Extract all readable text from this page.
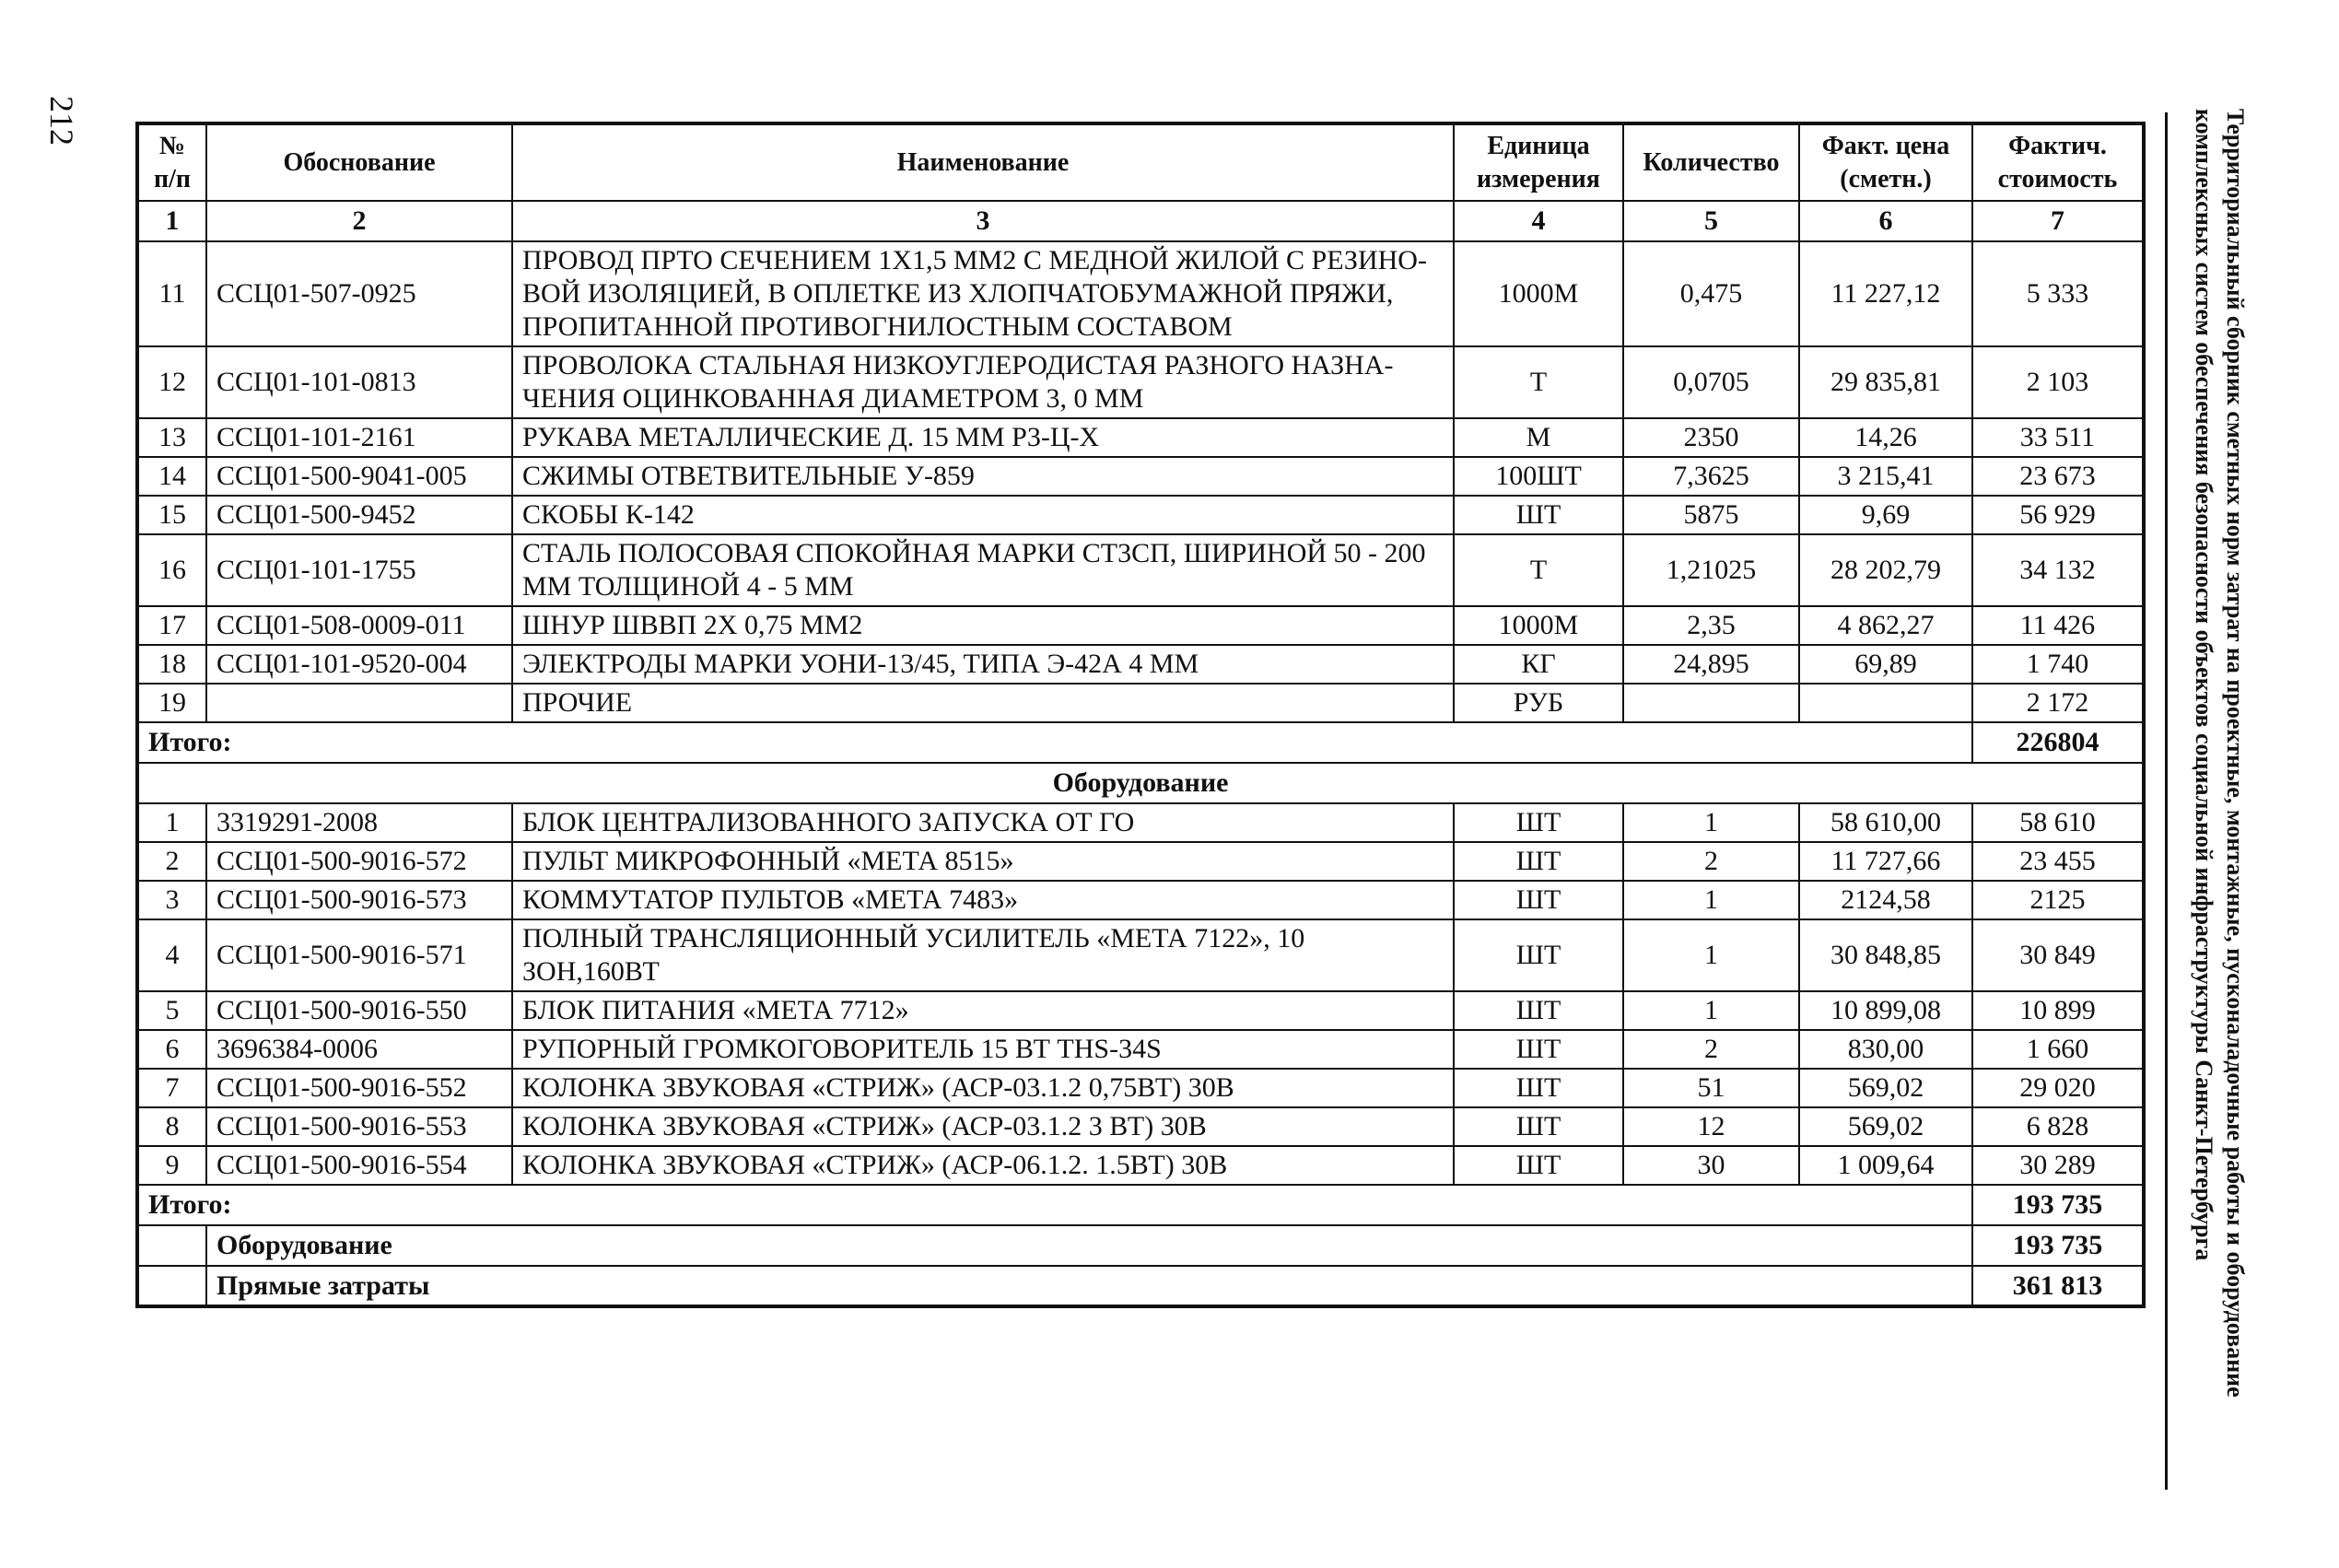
212	Территориальный сборник сметных норм затрат на проектные, монтажные, пусконаладочные работы и оборудование
комплексных систем обеспечения безопасности объектов социальной инфраструктуры Санкт-Петербурга
№ п/п	Обоснование	Наименование	Единица измерения	Количество	Факт. цена (сметн.)	Фактич. стоимость
1	2	3	4	5	6	7
11	ССЦ01-507-0925	ПРОВОД ПРТО СЕЧЕНИЕМ 1Х1,5 ММ2 С МЕДНОЙ ЖИЛОЙ С РЕЗИНО-ВОЙ ИЗОЛЯЦИЕЙ, В ОПЛЕТКЕ ИЗ ХЛОПЧАТОБУМАЖНОЙ ПРЯЖИ, ПРОПИТАННОЙ ПРОТИВОГНИЛОСТНЫМ СОСТАВОМ	1000М	0,475	11 227,12	5 333
12	ССЦ01-101-0813	ПРОВОЛОКА СТАЛЬНАЯ НИЗКОУГЛЕРОДИСТАЯ РАЗНОГО НАЗНА-ЧЕНИЯ ОЦИНКОВАННАЯ ДИАМЕТРОМ 3, 0 ММ	Т	0,0705	29 835,81	2 103
13	ССЦ01-101-2161	РУКАВА МЕТАЛЛИЧЕСКИЕ Д. 15 ММ Р3-Ц-Х	М	2350	14,26	33 511
14	ССЦ01-500-9041-005	СЖИМЫ ОТВЕТВИТЕЛЬНЫЕ У-859	100ШТ	7,3625	3 215,41	23 673
15	ССЦ01-500-9452	СКОБЫ К-142	ШТ	5875	9,69	56 929
16	ССЦ01-101-1755	СТАЛЬ ПОЛОСОВАЯ СПОКОЙНАЯ МАРКИ СТ3СП, ШИРИНОЙ 50 - 200 ММ ТОЛЩИНОЙ 4 - 5 ММ	Т	1,21025	28 202,79	34 132
17	ССЦ01-508-0009-011	ШНУР ШВВП 2Х 0,75 ММ2	1000М	2,35	4 862,27	11 426
18	ССЦ01-101-9520-004	ЭЛЕКТРОДЫ МАРКИ УОНИ-13/45, ТИПА Э-42А 4 ММ	КГ	24,895	69,89	1 740
19		ПРОЧИЕ	РУБ			2 172
Итого:						226804
Оборудование						
1	3319291-2008	БЛОК ЦЕНТРАЛИЗОВАННОГО ЗАПУСКА ОТ ГО	ШТ	1	58 610,00	58 610
2	ССЦ01-500-9016-572	ПУЛЬТ МИКРОФОННЫЙ «МЕТА 8515»	ШТ	2	11 727,66	23 455
3	ССЦ01-500-9016-573	КОММУТАТОР ПУЛЬТОВ «МЕТА 7483»	ШТ	1	2124,58	2125
4	ССЦ01-500-9016-571	ПОЛНЫЙ ТРАНСЛЯЦИОННЫЙ УСИЛИТЕЛЬ «МЕТА 7122», 10 ЗОН,160ВТ	ШТ	1	30 848,85	30 849
5	ССЦ01-500-9016-550	БЛОК ПИТАНИЯ «МЕТА 7712»	ШТ	1	10 899,08	10 899
6	3696384-0006	РУПОРНЫЙ ГРОМКОГОВОРИТЕЛЬ 15 ВТ THS-34S	ШТ	2	830,00	1 660
7	ССЦ01-500-9016-552	КОЛОНКА ЗВУКОВАЯ «СТРИЖ» (АСР-03.1.2 0,75ВТ) 30В	ШТ	51	569,02	29 020
8	ССЦ01-500-9016-553	КОЛОНКА ЗВУКОВАЯ «СТРИЖ» (АСР-03.1.2 3 ВТ) 30В	ШТ	12	569,02	6 828
9	ССЦ01-500-9016-554	КОЛОНКА ЗВУКОВАЯ «СТРИЖ» (АСР-06.1.2. 1.5ВТ) 30В	ШТ	30	1 009,64	30 289
Итого:						193 735
	Оборудование					193 735
	Прямые затраты					361 813
